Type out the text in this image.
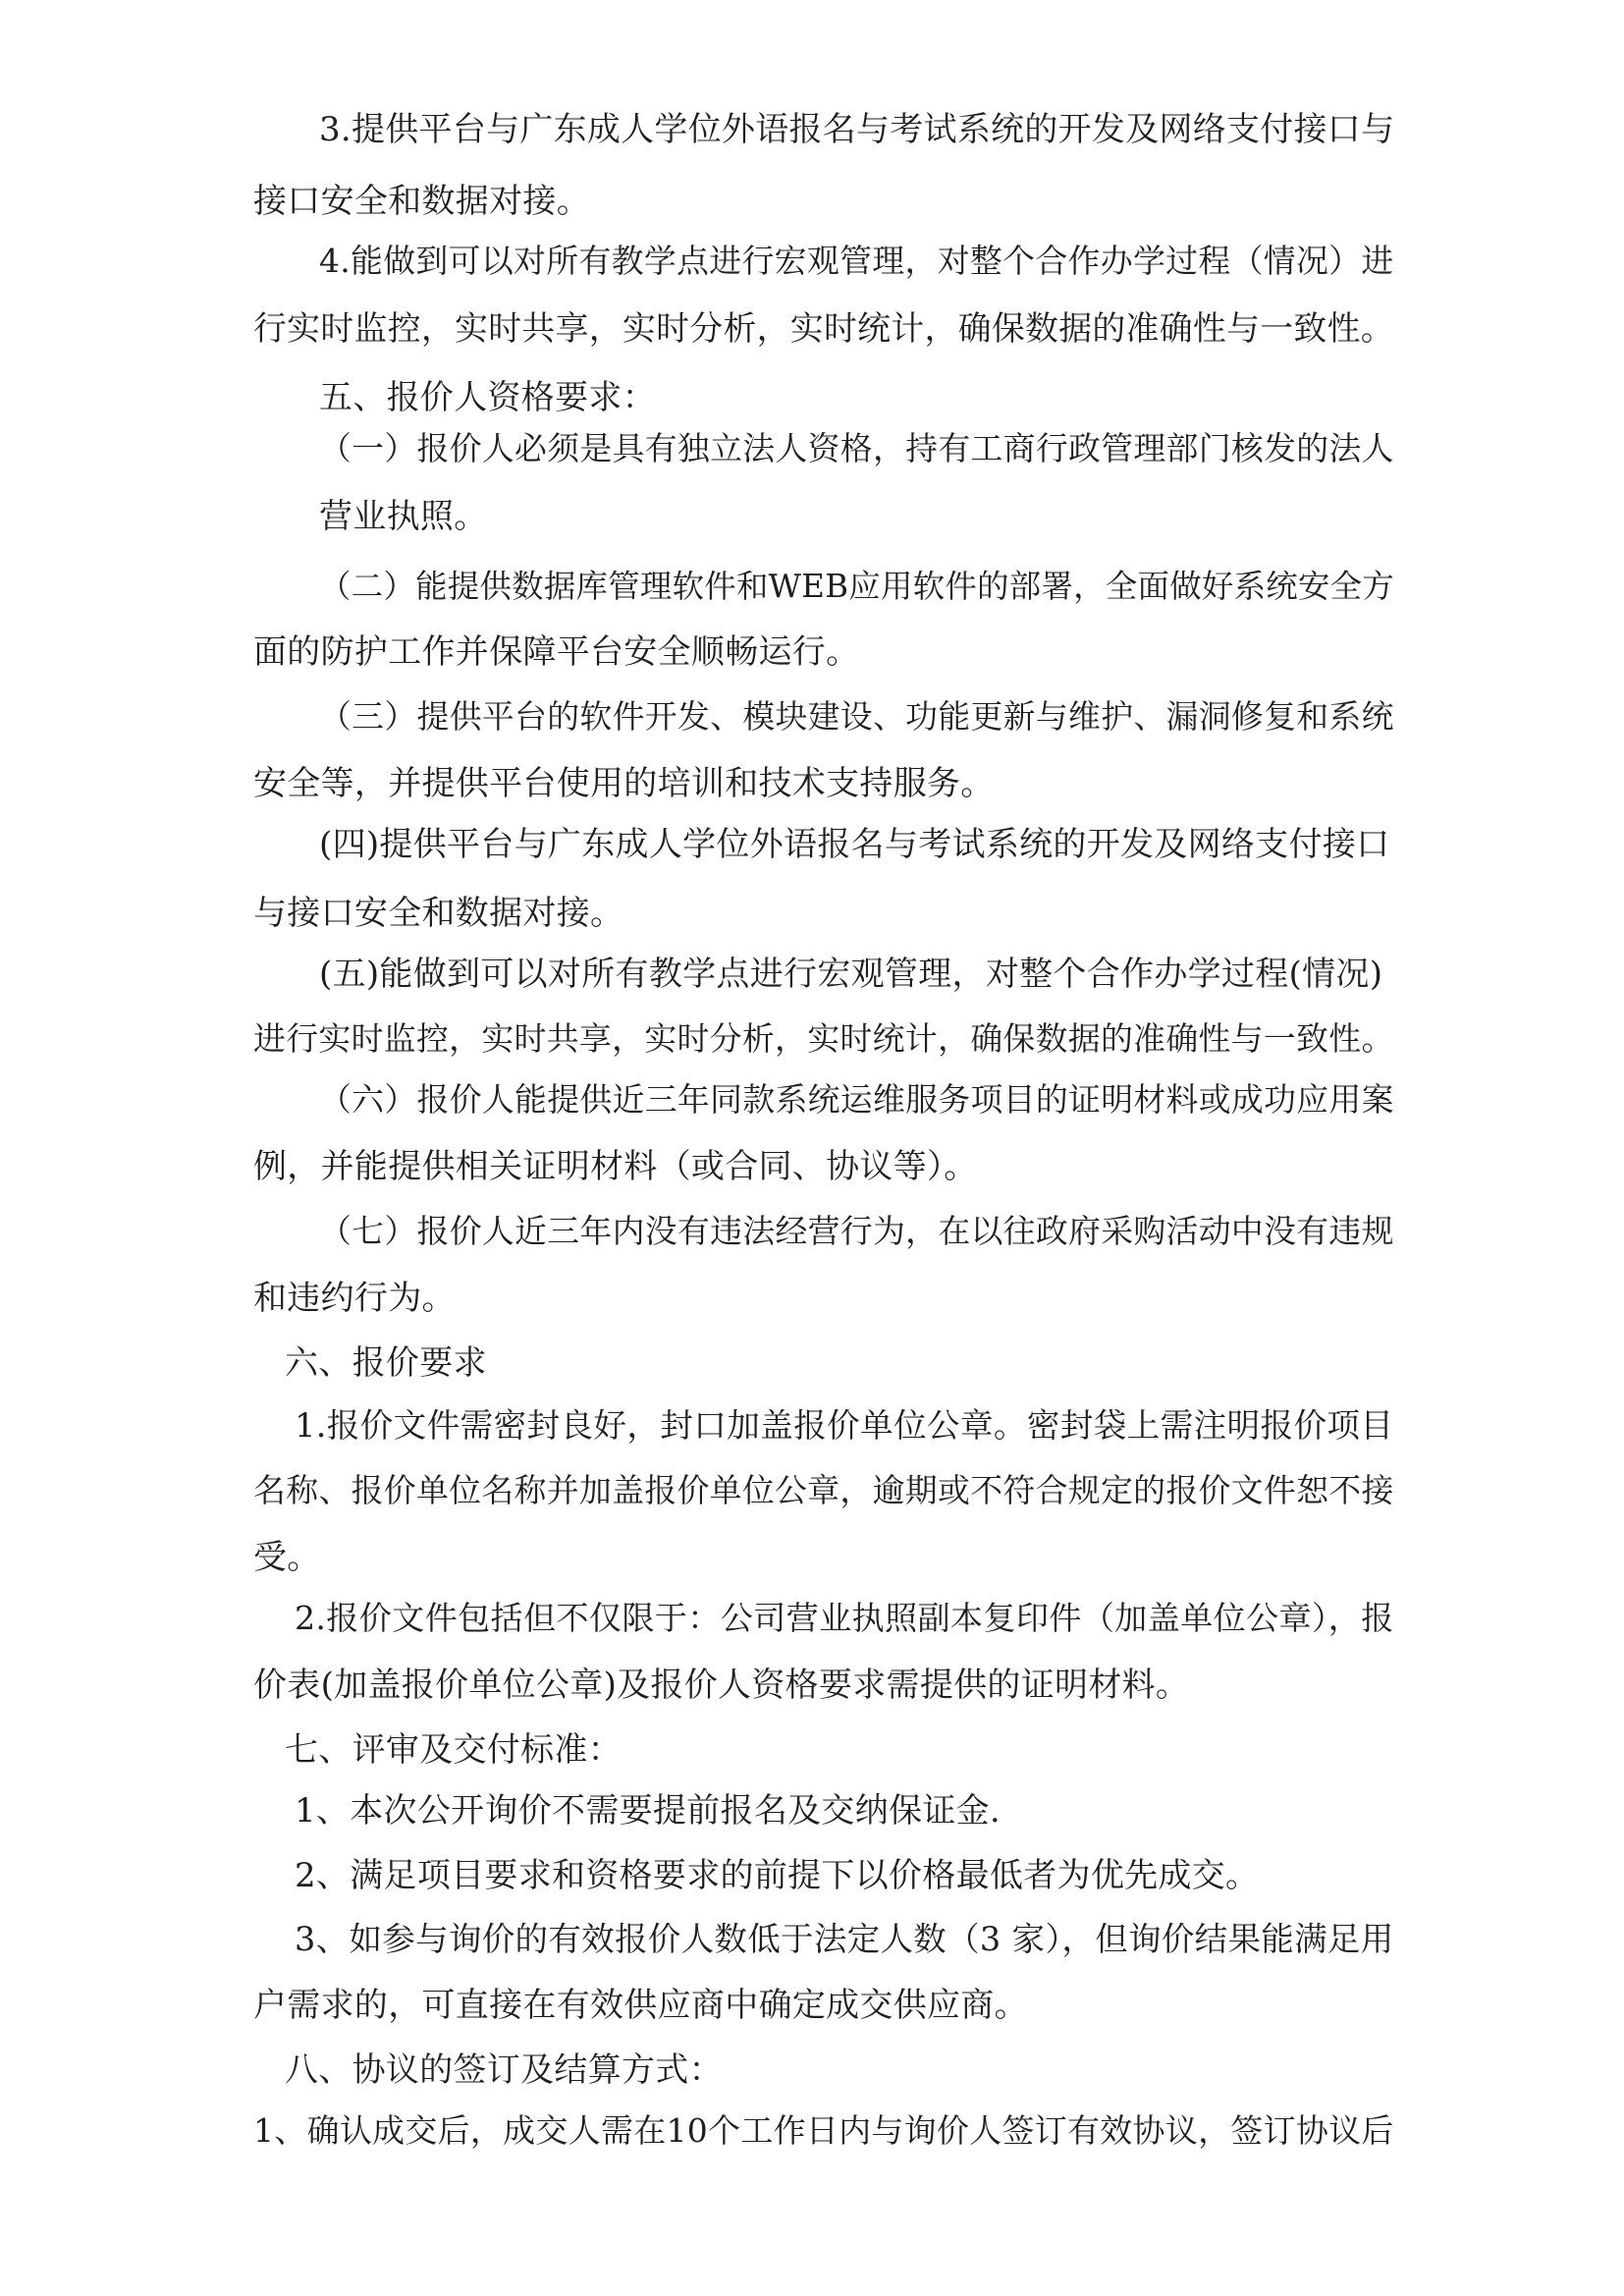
3.提供平台与广东成人学位外语报名与考试系统的开发及网络支付接口与
接口安全和数据对接。
4.能做到可以对所有教学点进行宏观管理，对整个合作办学过程（情况）进
行实时监控，实时共享，实时分析，实时统计，确保数据的准确性与一致性。
五、报价人资格要求：
（一）报价人必须是具有独立法人资格，持有工商行政管理部门核发的法人
营业执照。
（二）能提供数据库管理软件和WEB应用软件的部署，全面做好系统安全方
面的防护工作并保障平台安全顺畅运行。
（三）提供平台的软件开发、模块建设、功能更新与维护、漏洞修复和系统
安全等，并提供平台使用的培训和技术支持服务。
(四)提供平台与广东成人学位外语报名与考试系统的开发及网络支付接口
与接口安全和数据对接。
(五)能做到可以对所有教学点进行宏观管理，对整个合作办学过程(情况)
进行实时监控，实时共享，实时分析，实时统计，确保数据的准确性与一致性。
（六）报价人能提供近三年同款系统运维服务项目的证明材料或成功应用案
例，并能提供相关证明材料（或合同、协议等）。
（七）报价人近三年内没有违法经营行为，在以往政府采购活动中没有违规
和违约行为。
六、报价要求
1.报价文件需密封良好，封口加盖报价单位公章。密封袋上需注明报价项目
名称、报价单位名称并加盖报价单位公章，逾期或不符合规定的报价文件恕不接
受。
2.报价文件包括但不仅限于：公司营业执照副本复印件（加盖单位公章），报
价表(加盖报价单位公章)及报价人资格要求需提供的证明材料。
七、评审及交付标准：
1、本次公开询价不需要提前报名及交纳保证金.
2、满足项目要求和资格要求的前提下以价格最低者为优先成交。
3、如参与询价的有效报价人数低于法定人数（3 家），但询价结果能满足用
户需求的，可直接在有效供应商中确定成交供应商。
八、协议的签订及结算方式：
1、确认成交后，成交人需在10个工作日内与询价人签订有效协议，签订协议后
